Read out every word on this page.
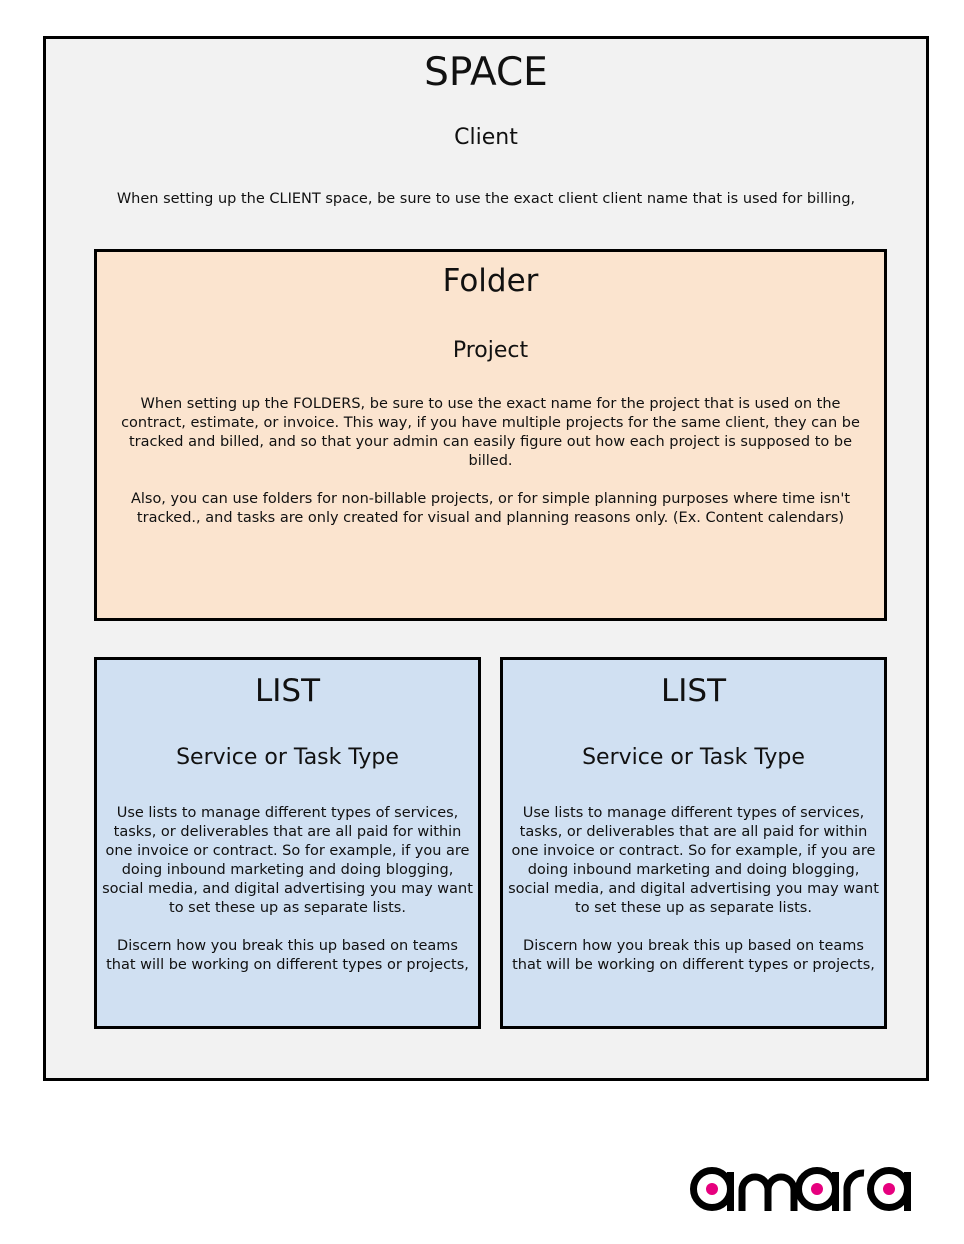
SPACE
Client
When setting up the CLIENT space, be sure to use the exact client client name that is used for billing,
Folder
Project

When setting up the FOLDERS, be sure to use the exact name for the project that is used on the contract, estimate, or invoice. This way, if you have multiple projects for the same client, they can be tracked and billed, and so that your admin can easily figure out how each project is supposed to be billed.

Also, you can use folders for non-billable projects, or for simple planning purposes where time isn't tracked., and tasks are only created for visual and planning reasons only. (Ex. Content calendars)

LIST
Service or Task Type

Use lists to manage different types of services, tasks, or deliverables that are all paid for within one invoice or contract. So for example, if you are doing inbound marketing and doing blogging, social media, and digital advertising you may want to set these up as separate lists.

Discern how you break this up based on teams that will be working on different types or projects,

LIST
Service or Task Type

Use lists to manage different types of services, tasks, or deliverables that are all paid for within one invoice or contract. So for example, if you are doing inbound marketing and doing blogging, social media, and digital advertising you may want to set these up as separate lists.

Discern how you break this up based on teams that will be working on different types or projects,
